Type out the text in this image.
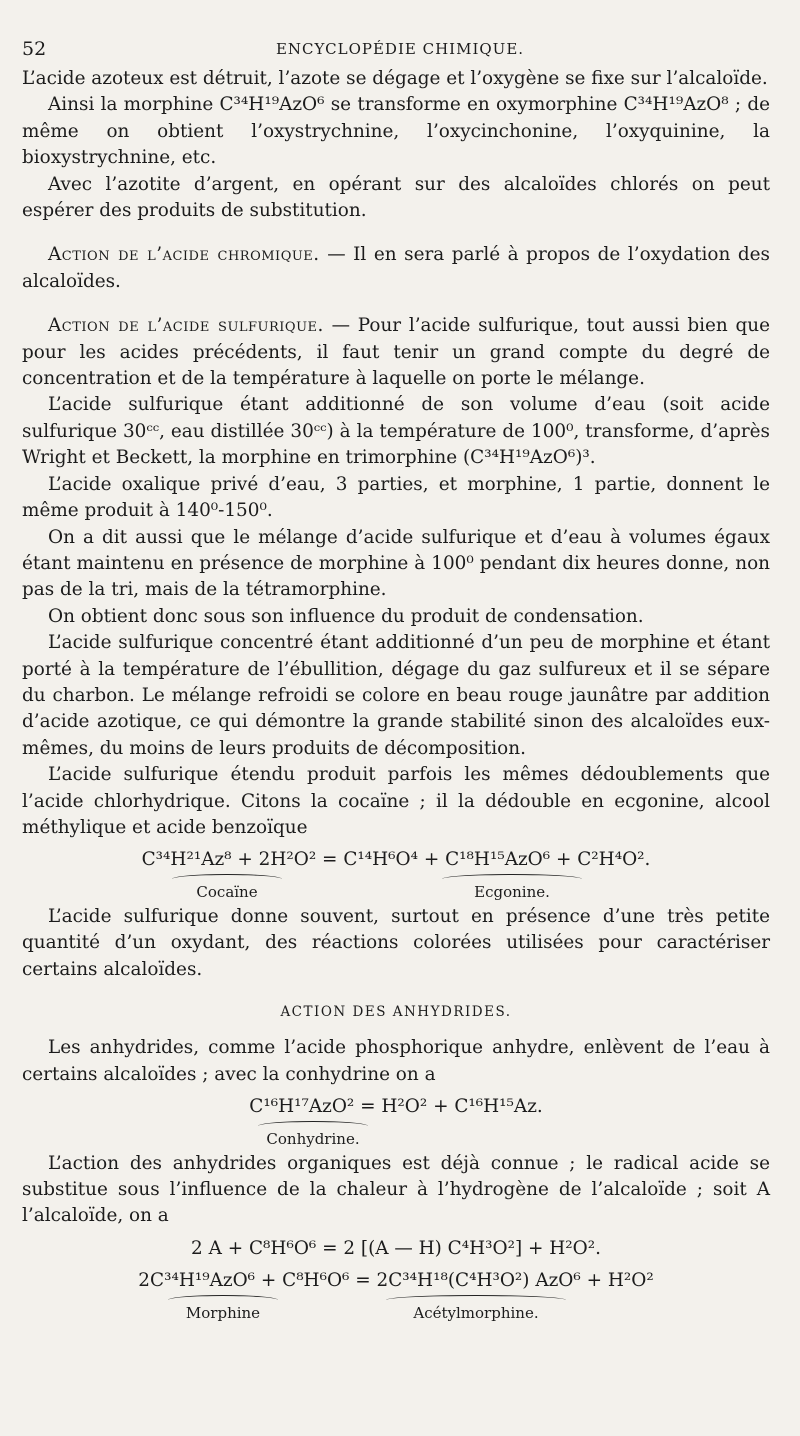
52	ENCYCLOPÉDIE CHIMIQUE.

L’acide azoteux est détruit, l’azote se dégage et l’oxygène se fixe sur l’alcaloïde.

Ainsi la morphine C³⁴H¹⁹AzO⁶ se transforme en oxymorphine C³⁴H¹⁹AzO⁸ ; de même on obtient l’oxystrychnine, l’oxycinchonine, l’oxyquinine, la bioxystrychnine, etc.

Avec l’azotite d’argent, en opérant sur des alcaloïdes chlorés on peut espérer des produits de substitution.

Action de l’acide chromique. — Il en sera parlé à propos de l’oxydation des alcaloïdes.

Action de l’acide sulfurique. — Pour l’acide sulfurique, tout aussi bien que pour les acides précédents, il faut tenir un grand compte du degré de concentration et de la température à laquelle on porte le mélange.

L’acide sulfurique étant additionné de son volume d’eau (soit acide sulfurique 30ᶜᶜ, eau distillée 30ᶜᶜ) à la température de 100⁰, transforme, d’après Wright et Beckett, la morphine en trimorphine (C³⁴H¹⁹AzO⁶)³.

L’acide oxalique privé d’eau, 3 parties, et morphine, 1 partie, donnent le même produit à 140⁰-150⁰.

On a dit aussi que le mélange d’acide sulfurique et d’eau à volumes égaux étant maintenu en présence de morphine à 100⁰ pendant dix heures donne, non pas de la tri, mais de la tétramorphine.

On obtient donc sous son influence du produit de condensation.

L’acide sulfurique concentré étant additionné d’un peu de morphine et étant porté à la température de l’ébullition, dégage du gaz sulfureux et il se sépare du charbon. Le mélange refroidi se colore en beau rouge jaunâtre par addition d’acide azotique, ce qui démontre la grande stabilité sinon des alcaloïdes eux-mêmes, du moins de leurs produits de décomposition.

L’acide sulfurique étendu produit parfois les mêmes dédoublements que l’acide chlorhydrique. Citons la cocaïne ; il la dédouble en ecgonine, alcool méthylique et acide benzoïque

C³⁴H²¹Az⁸ + 2H²O² = C¹⁴H⁶O⁴ + C¹⁸H¹⁵AzO⁶ + C²H⁴O².

Cocaïne	Ecgonine.

L’acide sulfurique donne souvent, surtout en présence d’une très petite quantité d’un oxydant, des réactions colorées utilisées pour caractériser certains alcaloïdes.

ACTION DES ANHYDRIDES.

Les anhydrides, comme l’acide phosphorique anhydre, enlèvent de l’eau à certains alcaloïdes ; avec la conhydrine on a

C¹⁶H¹⁷AzO² = H²O² + C¹⁶H¹⁵Az.

Conhydrine.

L’action des anhydrides organiques est déjà connue ; le radical acide se substitue sous l’influence de la chaleur à l’hydrogène de l’alcaloïde ; soit A l’alcaloïde, on a

2 A + C⁸H⁶O⁶ = 2 [(A — H) C⁴H³O²] + H²O².

2C³⁴H¹⁹AzO⁶ + C⁸H⁶O⁶ = 2C³⁴H¹⁸(C⁴H³O²) AzO⁶ + H²O²

Morphine	Acétylmorphine.
